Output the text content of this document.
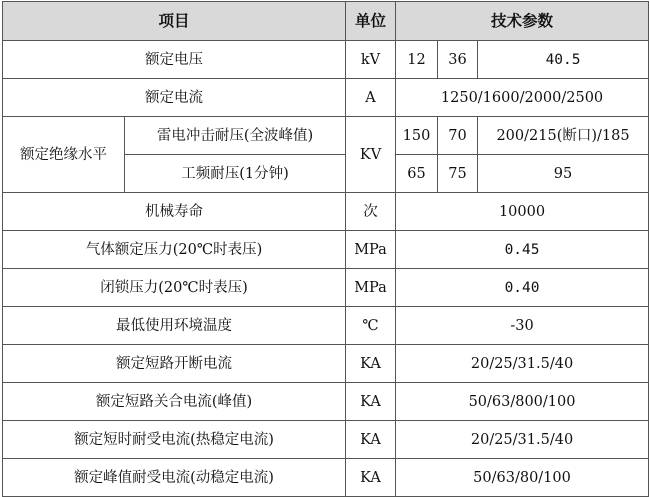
项目		单位	技术参数		
额定电压		kV	12	36	40.5
额定电流		A	1250/1600/2000/2500		
额定绝缘水平	雷电冲击耐压(全波峰值)	KV	150	70	200/215(断口)/185
	工频耐压(1分钟)		65	75	95
机械寿命		次	10000		
气体额定压力(20℃时表压)		MPa	0.45		
闭锁压力(20℃时表压)		MPa	0.40		
最低使用环境温度		℃	-30		
额定短路开断电流		KA	20/25/31.5/40		
额定短路关合电流(峰值)		KA	50/63/800/100		
额定短时耐受电流(热稳定电流)		KA	20/25/31.5/40		
额定峰值耐受电流(动稳定电流)		KA	50/63/80/100		
